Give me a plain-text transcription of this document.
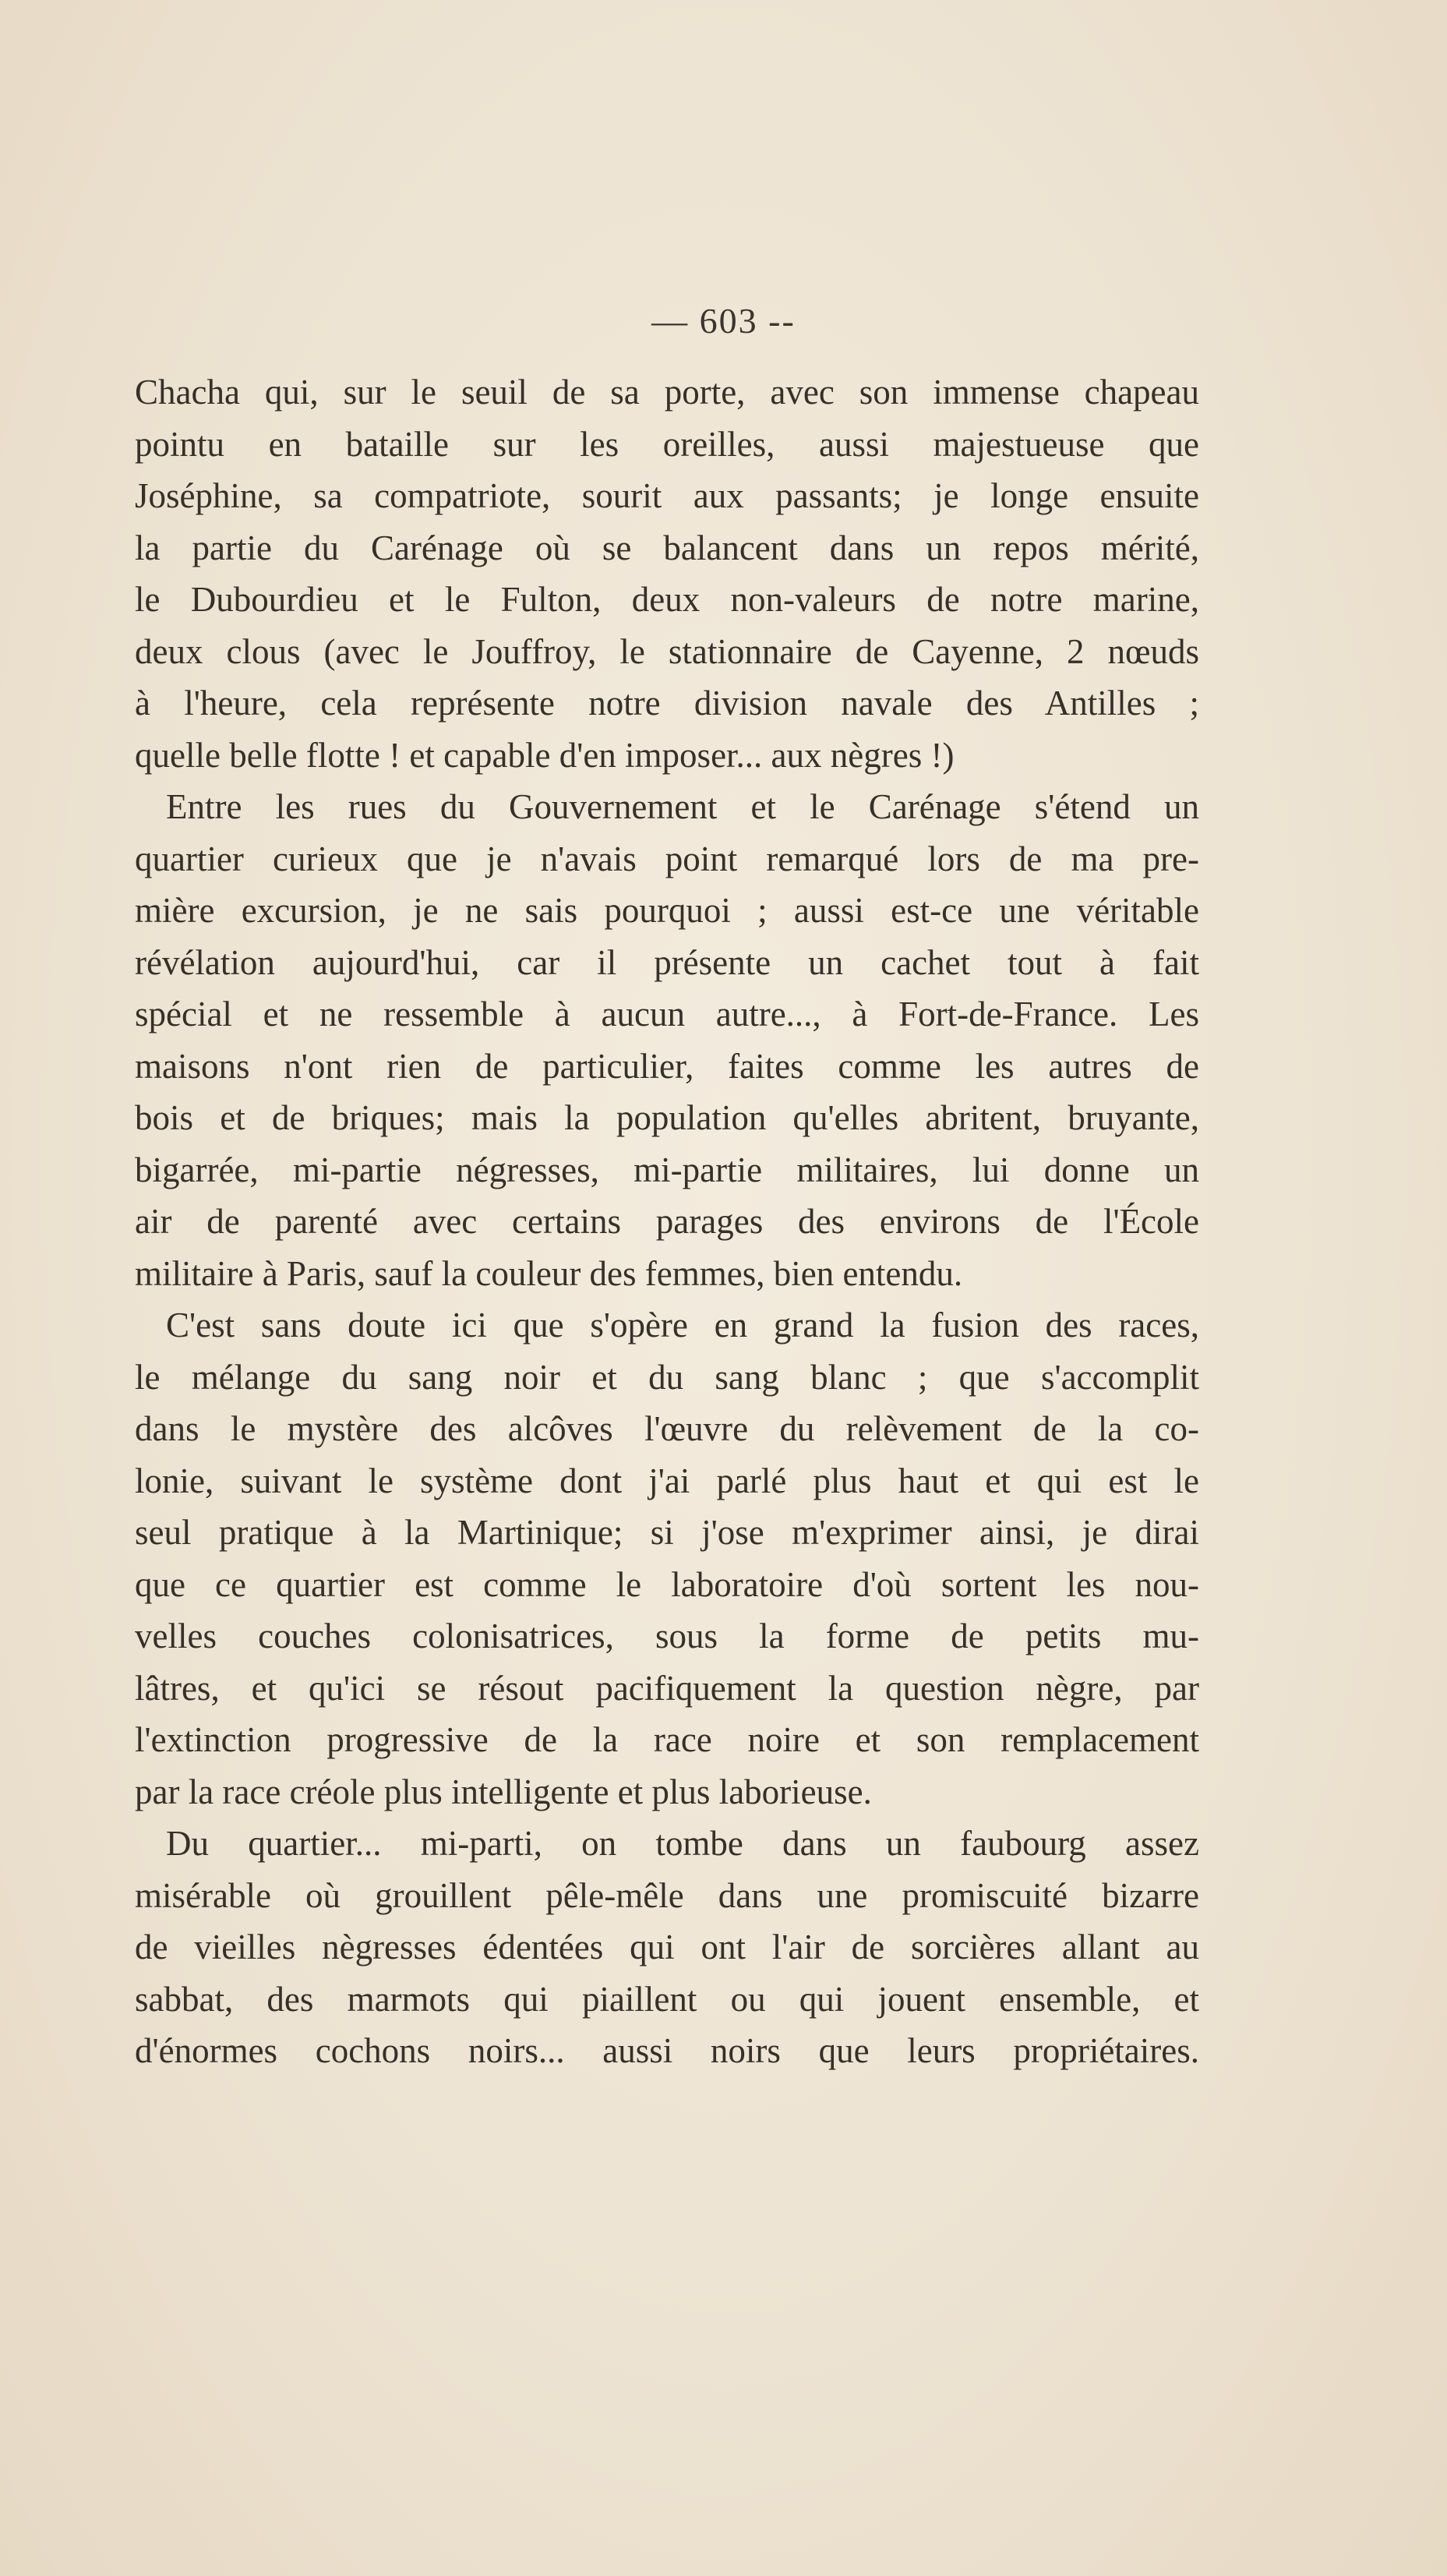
— 603 --
Chacha qui, sur le seuil de sa porte, avec son immense chapeau
pointu en bataille sur les oreilles, aussi majestueuse que
Joséphine, sa compatriote, sourit aux passants; je longe ensuite
la partie du Carénage où se balancent dans un repos mérité,
le Dubourdieu et le Fulton, deux non-valeurs de notre marine,
deux clous (avec le Jouffroy, le stationnaire de Cayenne, 2 nœuds
à l'heure, cela représente notre division navale des Antilles ;
quelle belle flotte ! et capable d'en imposer... aux nègres !)
Entre les rues du Gouvernement et le Carénage s'étend un
quartier curieux que je n'avais point remarqué lors de ma pre-
mière excursion, je ne sais pourquoi ; aussi est-ce une véritable
révélation aujourd'hui, car il présente un cachet tout à fait
spécial et ne ressemble à aucun autre..., à Fort-de-France. Les
maisons n'ont rien de particulier, faites comme les autres de
bois et de briques; mais la population qu'elles abritent, bruyante,
bigarrée, mi-partie négresses, mi-partie militaires, lui donne un
air de parenté avec certains parages des environs de l'École
militaire à Paris, sauf la couleur des femmes, bien entendu.
C'est sans doute ici que s'opère en grand la fusion des races,
le mélange du sang noir et du sang blanc ; que s'accomplit
dans le mystère des alcôves l'œuvre du relèvement de la co-
lonie, suivant le système dont j'ai parlé plus haut et qui est le
seul pratique à la Martinique; si j'ose m'exprimer ainsi, je dirai
que ce quartier est comme le laboratoire d'où sortent les nou-
velles couches colonisatrices, sous la forme de petits mu-
lâtres, et qu'ici se résout pacifiquement la question nègre, par
l'extinction progressive de la race noire et son remplacement
par la race créole plus intelligente et plus laborieuse.
Du quartier... mi-parti, on tombe dans un faubourg assez
misérable où grouillent pêle-mêle dans une promiscuité bizarre
de vieilles nègresses édentées qui ont l'air de sorcières allant au
sabbat, des marmots qui piaillent ou qui jouent ensemble, et
d'énormes cochons noirs... aussi noirs que leurs propriétaires.
